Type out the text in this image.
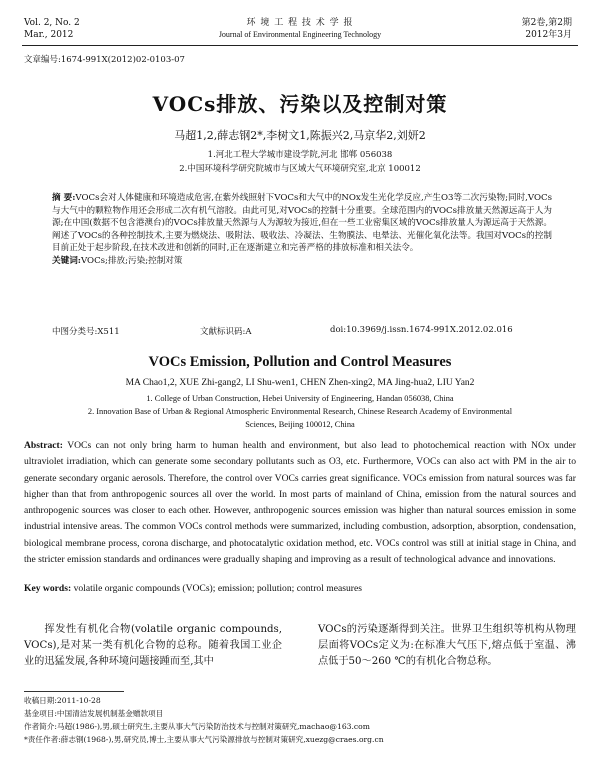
Vol. 2, No. 2
Mar., 2012
环 境 工 程 技 术 学 报
Journal of Environmental Engineering Technology
第2卷,第2期
2012年3月
文章编号:1674-991X(2012)02-0103-07
VOCs排放、污染以及控制对策
马超1,2,薛志钢2*,李树文1,陈振兴2,马京华2,刘妍2
1.河北工程大学城市建设学院,河北 邯郸 056038
2.中国环境科学研究院城市与区域大气环境研究室,北京 100012
摘 要:VOCs会对人体健康和环境造成危害,在紫外线照射下VOCs和大气中的NOx发生光化学反应,产生O3等二次污染物;同时,VOCs与大气中的颗粒物作用还会形成二次有机气溶胶。由此可见,对VOCs的控制十分重要。全球范围内的VOCs排放量天然源远高于人为源;在中国(数据不包含港澳台)的VOCs排放量天然源与人为源较为接近,但在一些工业密集区域的VOCs排放量人为源远高于天然源。阐述了VOCs的各种控制技术,主要为燃烧法、吸附法、吸收法、冷凝法、生物膜法、电晕法、光催化氧化法等。我国对VOCs的控制目前正处于起步阶段,在技术改进和创新的同时,正在逐渐建立和完善严格的排放标准和相关法令。
关键词:VOCs;排放;污染;控制对策
中图分类号:X511	文献标识码:A	doi:10.3969/j.issn.1674-991X.2012.02.016
VOCs Emission, Pollution and Control Measures
MA Chao1,2, XUE Zhi-gang2, LI Shu-wen1, CHEN Zhen-xing2, MA Jing-hua2, LIU Yan2
1. College of Urban Construction, Hebei University of Engineering, Handan 056038, China
2. Innovation Base of Urban & Regional Atmospheric Environmental Research, Chinese Research Academy of Environmental
Sciences, Beijing 100012, China
Abstract: VOCs can not only bring harm to human health and environment, but also lead to photochemical reaction with NOx under ultraviolet irradiation, which can generate some secondary pollutants such as O3, etc. Furthermore, VOCs can also act with PM in the air to generate secondary organic aerosols. Therefore, the control over VOCs carries great significance. VOCs emission from natural sources was far higher than that from anthropogenic sources all over the world. In most parts of mainland of China, emission from the natural sources and anthropogenic sources was closer to each other. However, anthropogenic sources emission was higher than natural sources emission in some industrial intensive areas. The common VOCs control methods were summarized, including combustion, adsorption, absorption, condensation, biological membrane process, corona discharge, and photocatalytic oxidation method, etc. VOCs control was still at initial stage in China, and the stricter emission standards and ordinances were gradually shaping and improving as a result of technological advance and innovations.
Key words: volatile organic compounds (VOCs); emission; pollution; control measures
挥发性有机化合物(volatile organic compounds, VOCs),是对某一类有机化合物的总称。随着我国工业企业的迅猛发展,各种环境问题接踵而至,其中
VOCs的污染逐渐得到关注。世界卫生组织等机构从物理层面将VOCs定义为:在标准大气压下,熔点低于室温、沸点低于50～260 ℃的有机化合物总称。
收稿日期:2011-10-28
基金项目:中国清洁发展机制基金赠款项目
作者简介:马超(1986-),男,硕士研究生,主要从事大气污染防治技术与控制对策研究,machao@163.com
*责任作者:薛志钢(1968-),男,研究员,博士,主要从事大气污染源排放与控制对策研究,xuezg@craes.org.cn
